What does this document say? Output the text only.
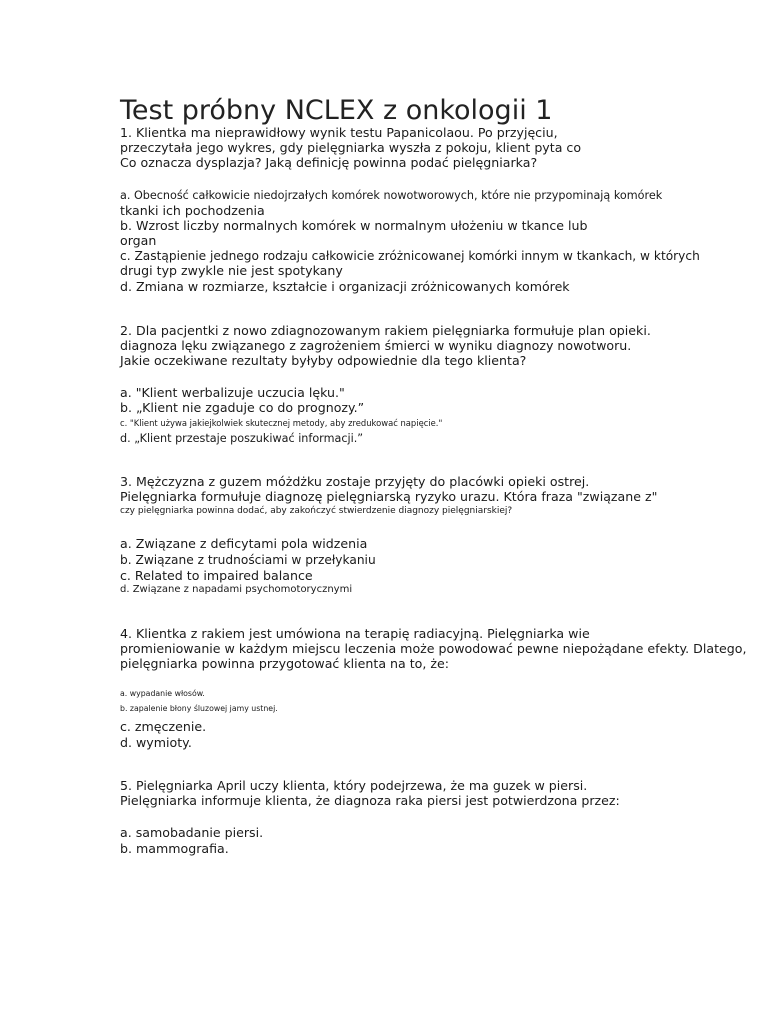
Test próbny NCLEX z onkologii 1
1. Klientka ma nieprawidłowy wynik testu Papanicolaou. Po przyjęciu,
przeczytała jego wykres, gdy pielęgniarka wyszła z pokoju, klient pyta co
Co oznacza dysplazja? Jaką definicję powinna podać pielęgniarka?
a. Obecność całkowicie niedojrzałych komórek nowotworowych, które nie przypominają komórek
tkanki ich pochodzenia
b. Wzrost liczby normalnych komórek w normalnym ułożeniu w tkance lub
organ
c. Zastąpienie jednego rodzaju całkowicie zróżnicowanej komórki innym w tkankach, w których
drugi typ zwykle nie jest spotykany
d. Zmiana w rozmiarze, kształcie i organizacji zróżnicowanych komórek
2. Dla pacjentki z nowo zdiagnozowanym rakiem pielęgniarka formułuje plan opieki.
diagnoza lęku związanego z zagrożeniem śmierci w wyniku diagnozy nowotworu.
Jakie oczekiwane rezultaty byłyby odpowiednie dla tego klienta?
a. "Klient werbalizuje uczucia lęku."
b. „Klient nie zgaduje co do prognozy.”
c. "Klient używa jakiejkolwiek skutecznej metody, aby zredukować napięcie."
d. „Klient przestaje poszukiwać informacji.”
3. Mężczyzna z guzem móżdżku zostaje przyjęty do placówki opieki ostrej.
Pielęgniarka formułuje diagnozę pielęgniarską ryzyko urazu. Która fraza "związane z"
czy pielęgniarka powinna dodać, aby zakończyć stwierdzenie diagnozy pielęgniarskiej?
a. Związane z deficytami pola widzenia
b. Związane z trudnościami w przełykaniu
c. Related to impaired balance
d. Związane z napadami psychomotorycznymi
4. Klientka z rakiem jest umówiona na terapię radiacyjną. Pielęgniarka wie
promieniowanie w każdym miejscu leczenia może powodować pewne niepożądane efekty. Dlatego,
pielęgniarka powinna przygotować klienta na to, że:
a. wypadanie włosów.
b. zapalenie błony śluzowej jamy ustnej.
c. zmęczenie.
d. wymioty.
5. Pielęgniarka April uczy klienta, który podejrzewa, że ma guzek w piersi.
Pielęgniarka informuje klienta, że diagnoza raka piersi jest potwierdzona przez:
a. samobadanie piersi.
b. mammografia.
